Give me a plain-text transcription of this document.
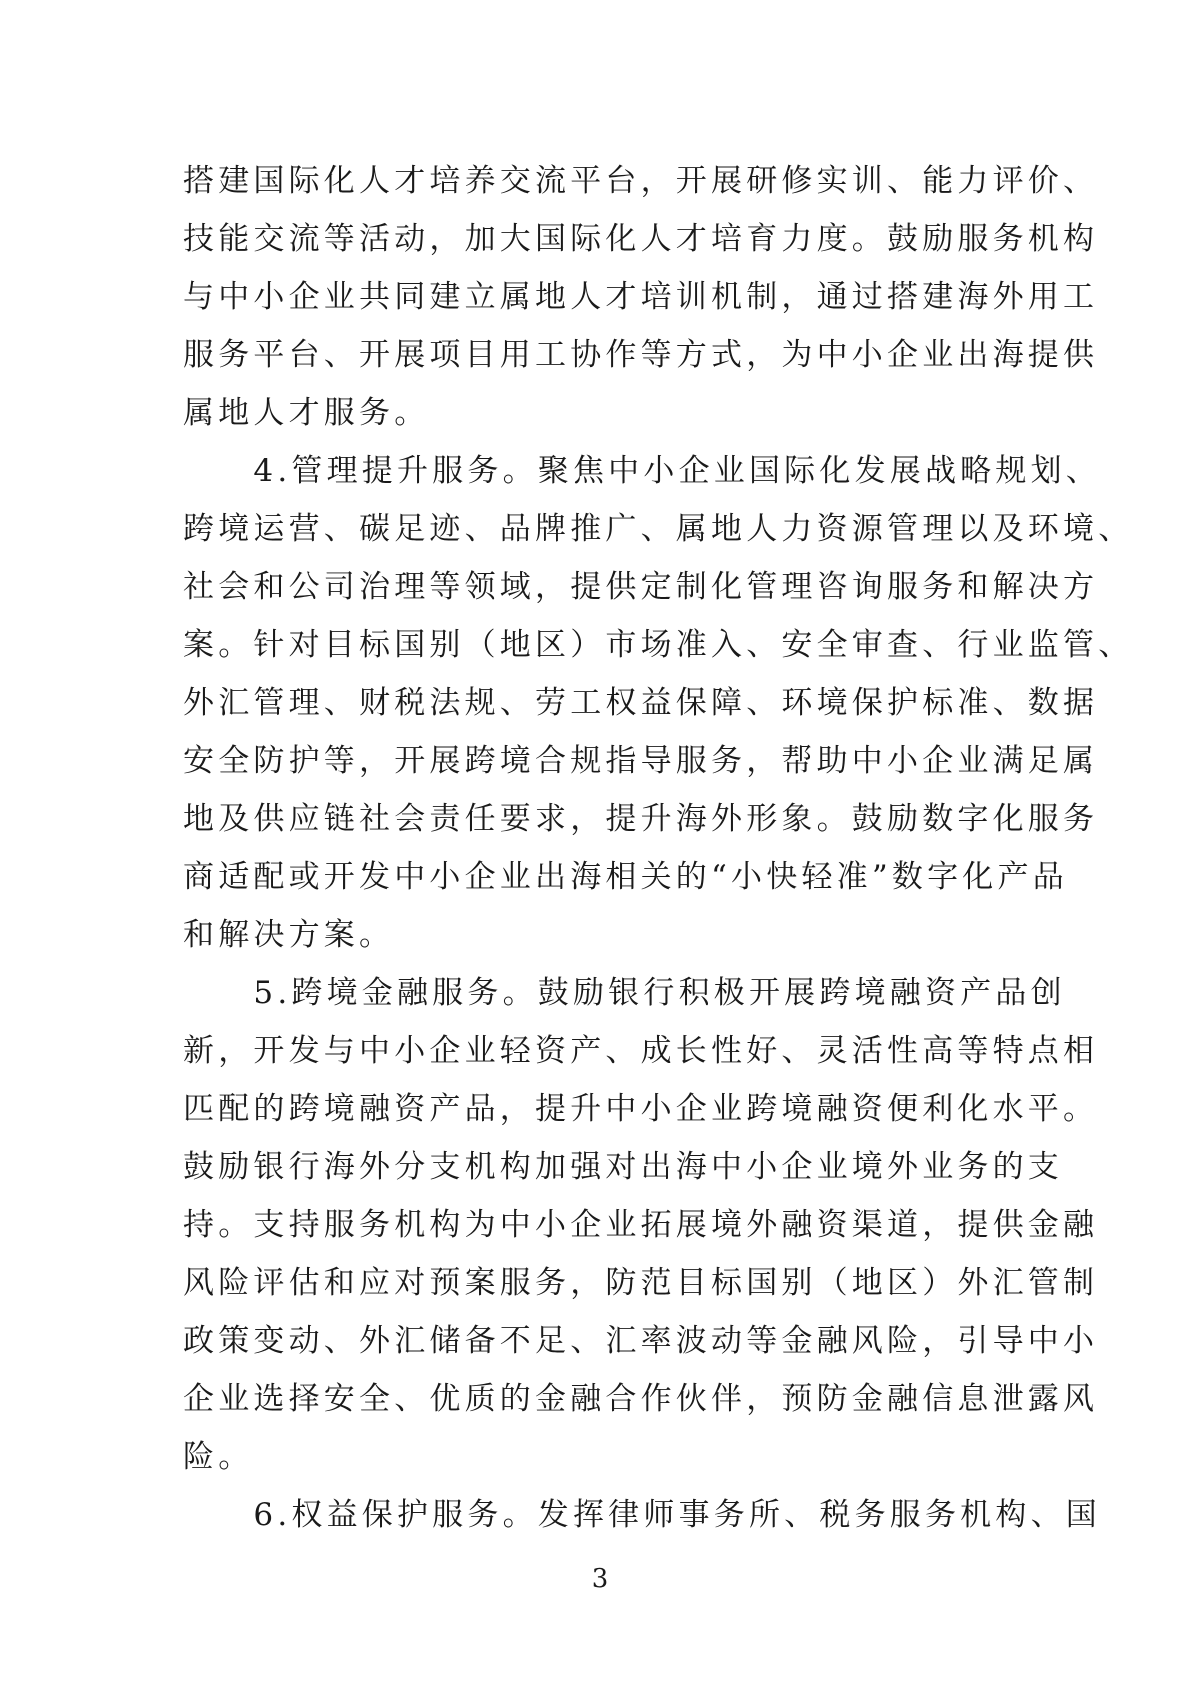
搭建国际化人才培养交流平台，开展研修实训、能力评价、
技能交流等活动，加大国际化人才培育力度。鼓励服务机构
与中小企业共同建立属地人才培训机制，通过搭建海外用工
服务平台、开展项目用工协作等方式，为中小企业出海提供
属地人才服务。
　　4.管理提升服务。聚焦中小企业国际化发展战略规划、
跨境运营、碳足迹、品牌推广、属地人力资源管理以及环境、
社会和公司治理等领域，提供定制化管理咨询服务和解决方
案。针对目标国别（地区）市场准入、安全审查、行业监管、
外汇管理、财税法规、劳工权益保障、环境保护标准、数据
安全防护等，开展跨境合规指导服务，帮助中小企业满足属
地及供应链社会责任要求，提升海外形象。鼓励数字化服务
商适配或开发中小企业出海相关的“小快轻准”数字化产品
和解决方案。
　　5.跨境金融服务。鼓励银行积极开展跨境融资产品创
新，开发与中小企业轻资产、成长性好、灵活性高等特点相
匹配的跨境融资产品，提升中小企业跨境融资便利化水平。
鼓励银行海外分支机构加强对出海中小企业境外业务的支
持。支持服务机构为中小企业拓展境外融资渠道，提供金融
风险评估和应对预案服务，防范目标国别（地区）外汇管制
政策变动、外汇储备不足、汇率波动等金融风险，引导中小
企业选择安全、优质的金融合作伙伴，预防金融信息泄露风
险。
　　6.权益保护服务。发挥律师事务所、税务服务机构、国
3
